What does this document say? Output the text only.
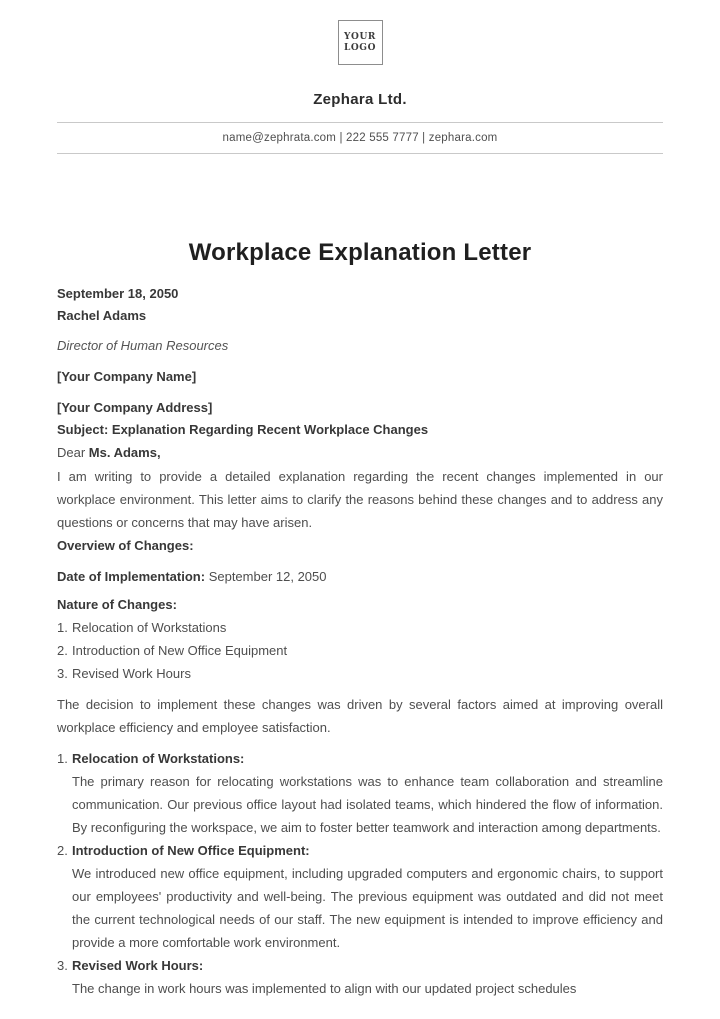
YOUR
LOGO
Zephara Ltd.
name@zephrata.com | 222 555 7777 | zephara.com
Workplace Explanation Letter
September 18, 2050
Rachel Adams
Director of Human Resources
[Your Company Name]
[Your Company Address]
Subject: Explanation Regarding Recent Workplace Changes
Dear Ms. Adams,
I am writing to provide a detailed explanation regarding the recent changes implemented in our workplace environment. This letter aims to clarify the reasons behind these changes and to address any questions or concerns that may have arisen.
Overview of Changes:
Date of Implementation: September 12, 2050
Nature of Changes:
1. Relocation of Workstations
2. Introduction of New Office Equipment
3. Revised Work Hours
The decision to implement these changes was driven by several factors aimed at improving overall workplace efficiency and employee satisfaction.
1. Relocation of Workstations:
The primary reason for relocating workstations was to enhance team collaboration and streamline communication. Our previous office layout had isolated teams, which hindered the flow of information. By reconfiguring the workspace, we aim to foster better teamwork and interaction among departments.
2. Introduction of New Office Equipment:
We introduced new office equipment, including upgraded computers and ergonomic chairs, to support our employees' productivity and well-being. The previous equipment was outdated and did not meet the current technological needs of our staff. The new equipment is intended to improve efficiency and provide a more comfortable work environment.
3. Revised Work Hours:
The change in work hours was implemented to align with our updated project schedules
